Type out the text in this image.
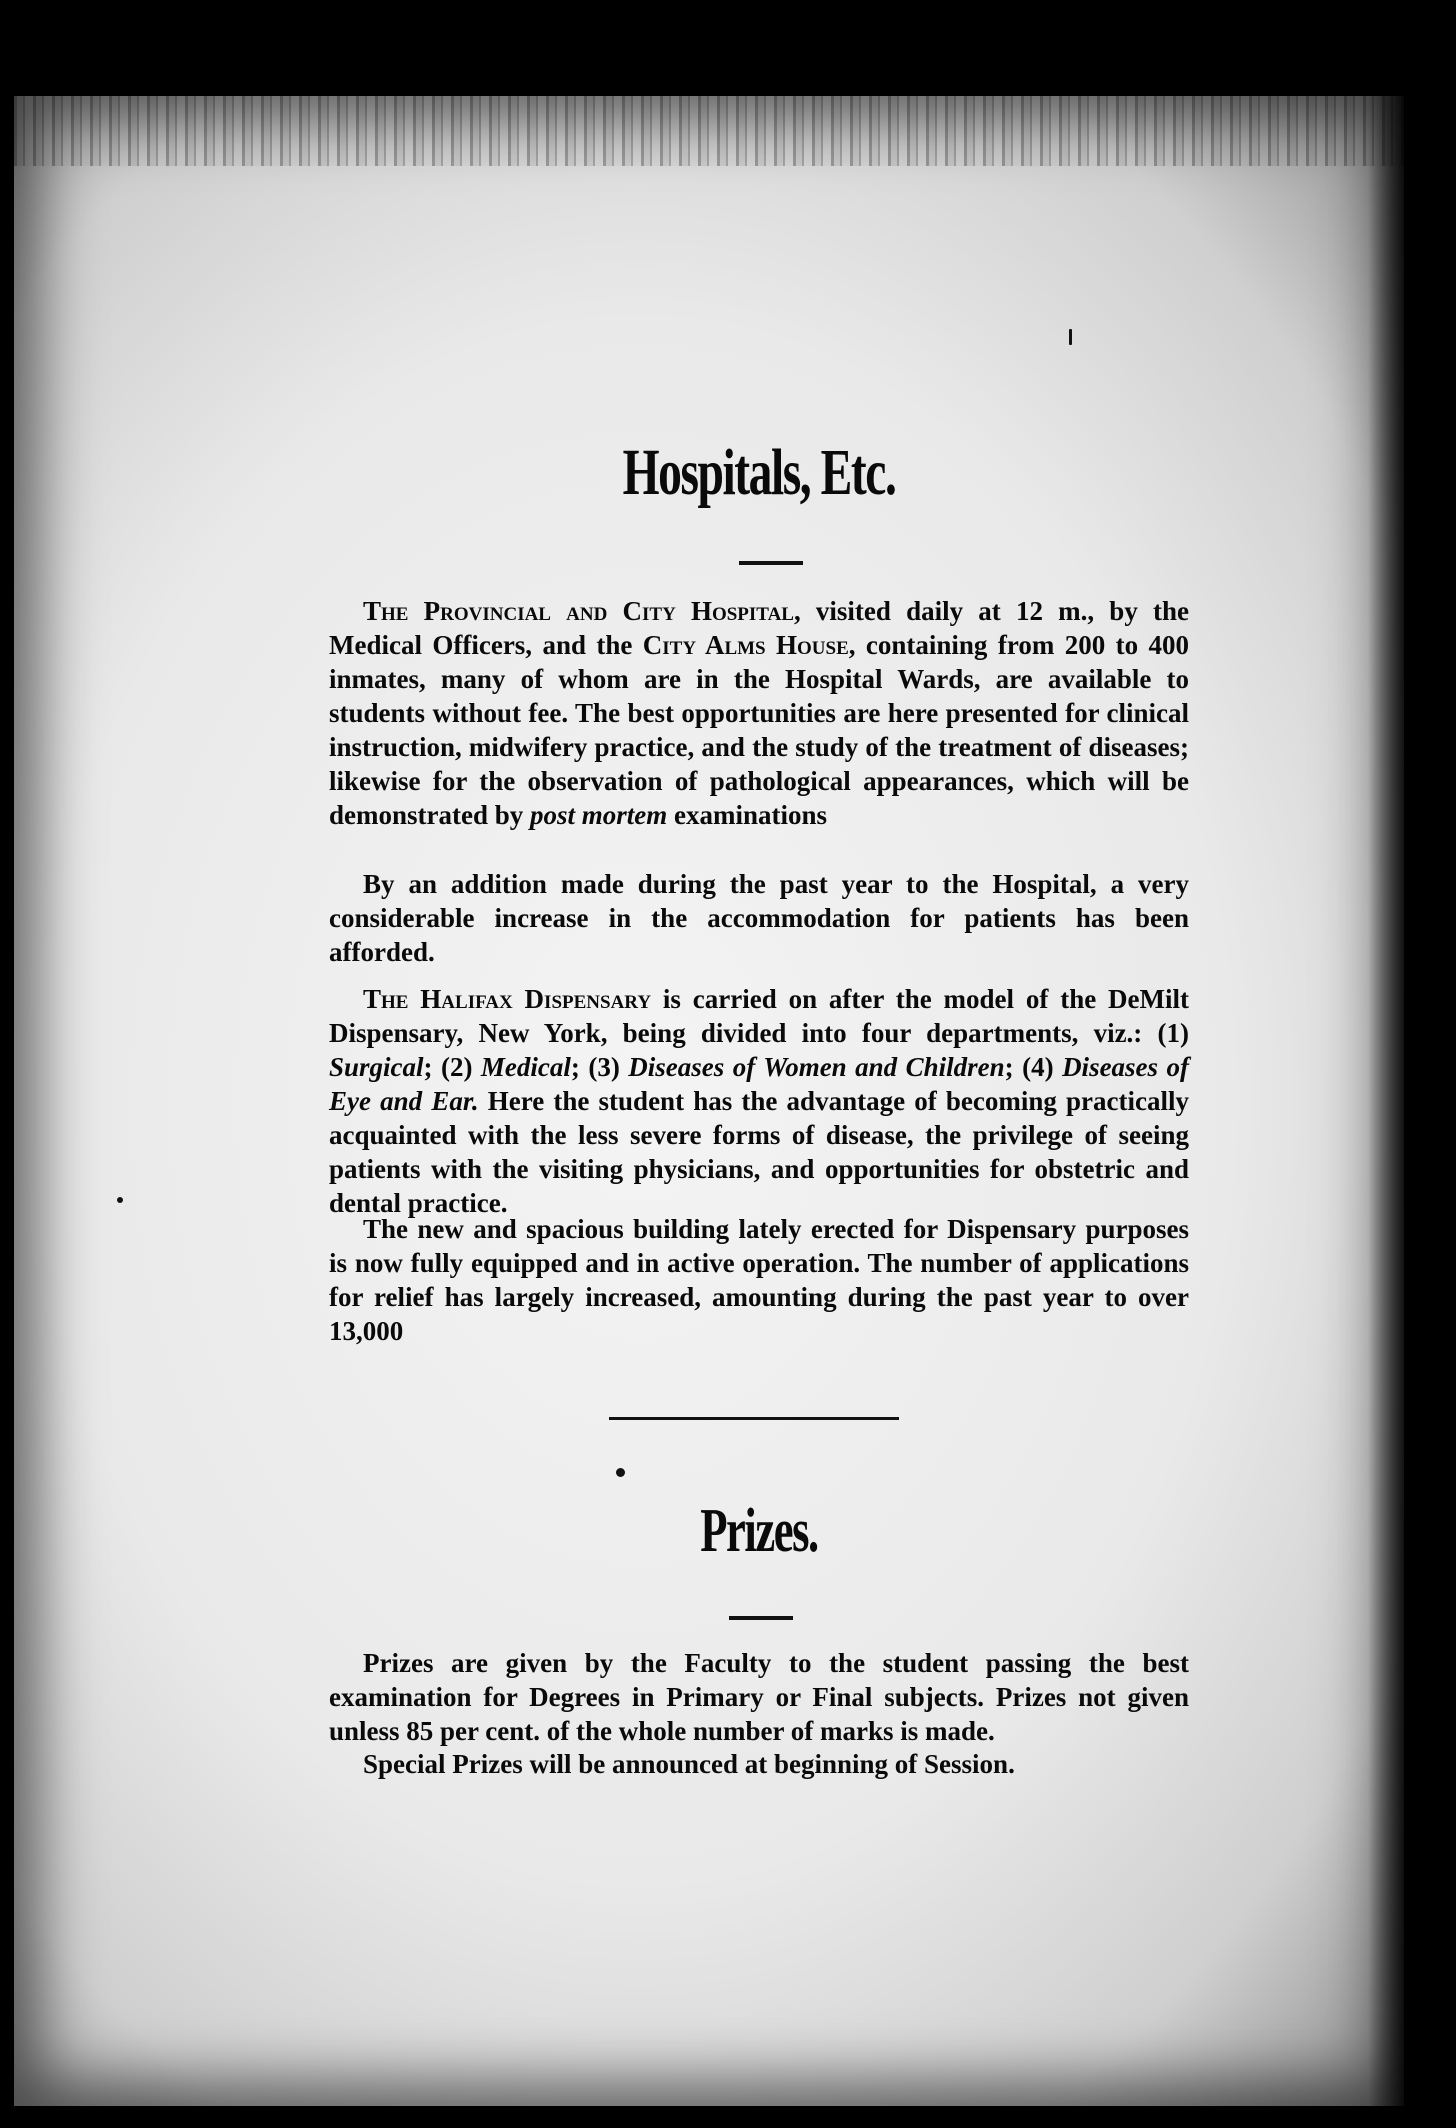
Hospitals, Etc.

The Provincial and City Hospital, visited daily at 12 m., by the Medical Officers, and the City Alms House, containing from 200 to 400 inmates, many of whom are in the Hospital Wards, are available to students without fee. The best opportunities are here presented for clinical instruction, midwifery practice, and the study of the treatment of diseases; likewise for the observation of pathological appearances, which will be demonstrated by post mortem examinations

By an addition made during the past year to the Hospital, a very considerable increase in the accommodation for patients has been afforded.

The Halifax Dispensary is carried on after the model of the DeMilt Dispensary, New York, being divided into four departments, viz.: (1) Surgical; (2) Medical; (3) Diseases of Women and Children; (4) Diseases of Eye and Ear. Here the student has the advantage of becoming practically acquainted with the less severe forms of disease, the privilege of seeing patients with the visiting physicians, and opportunities for obstetric and dental practice.

The new and spacious building lately erected for Dispensary purposes is now fully equipped and in active operation. The number of applications for relief has largely increased, amounting during the past year to over 13,000

Prizes.

Prizes are given by the Faculty to the student passing the best examination for Degrees in Primary or Final subjects. Prizes not given unless 85 per cent. of the whole number of marks is made.

Special Prizes will be announced at beginning of Session.
